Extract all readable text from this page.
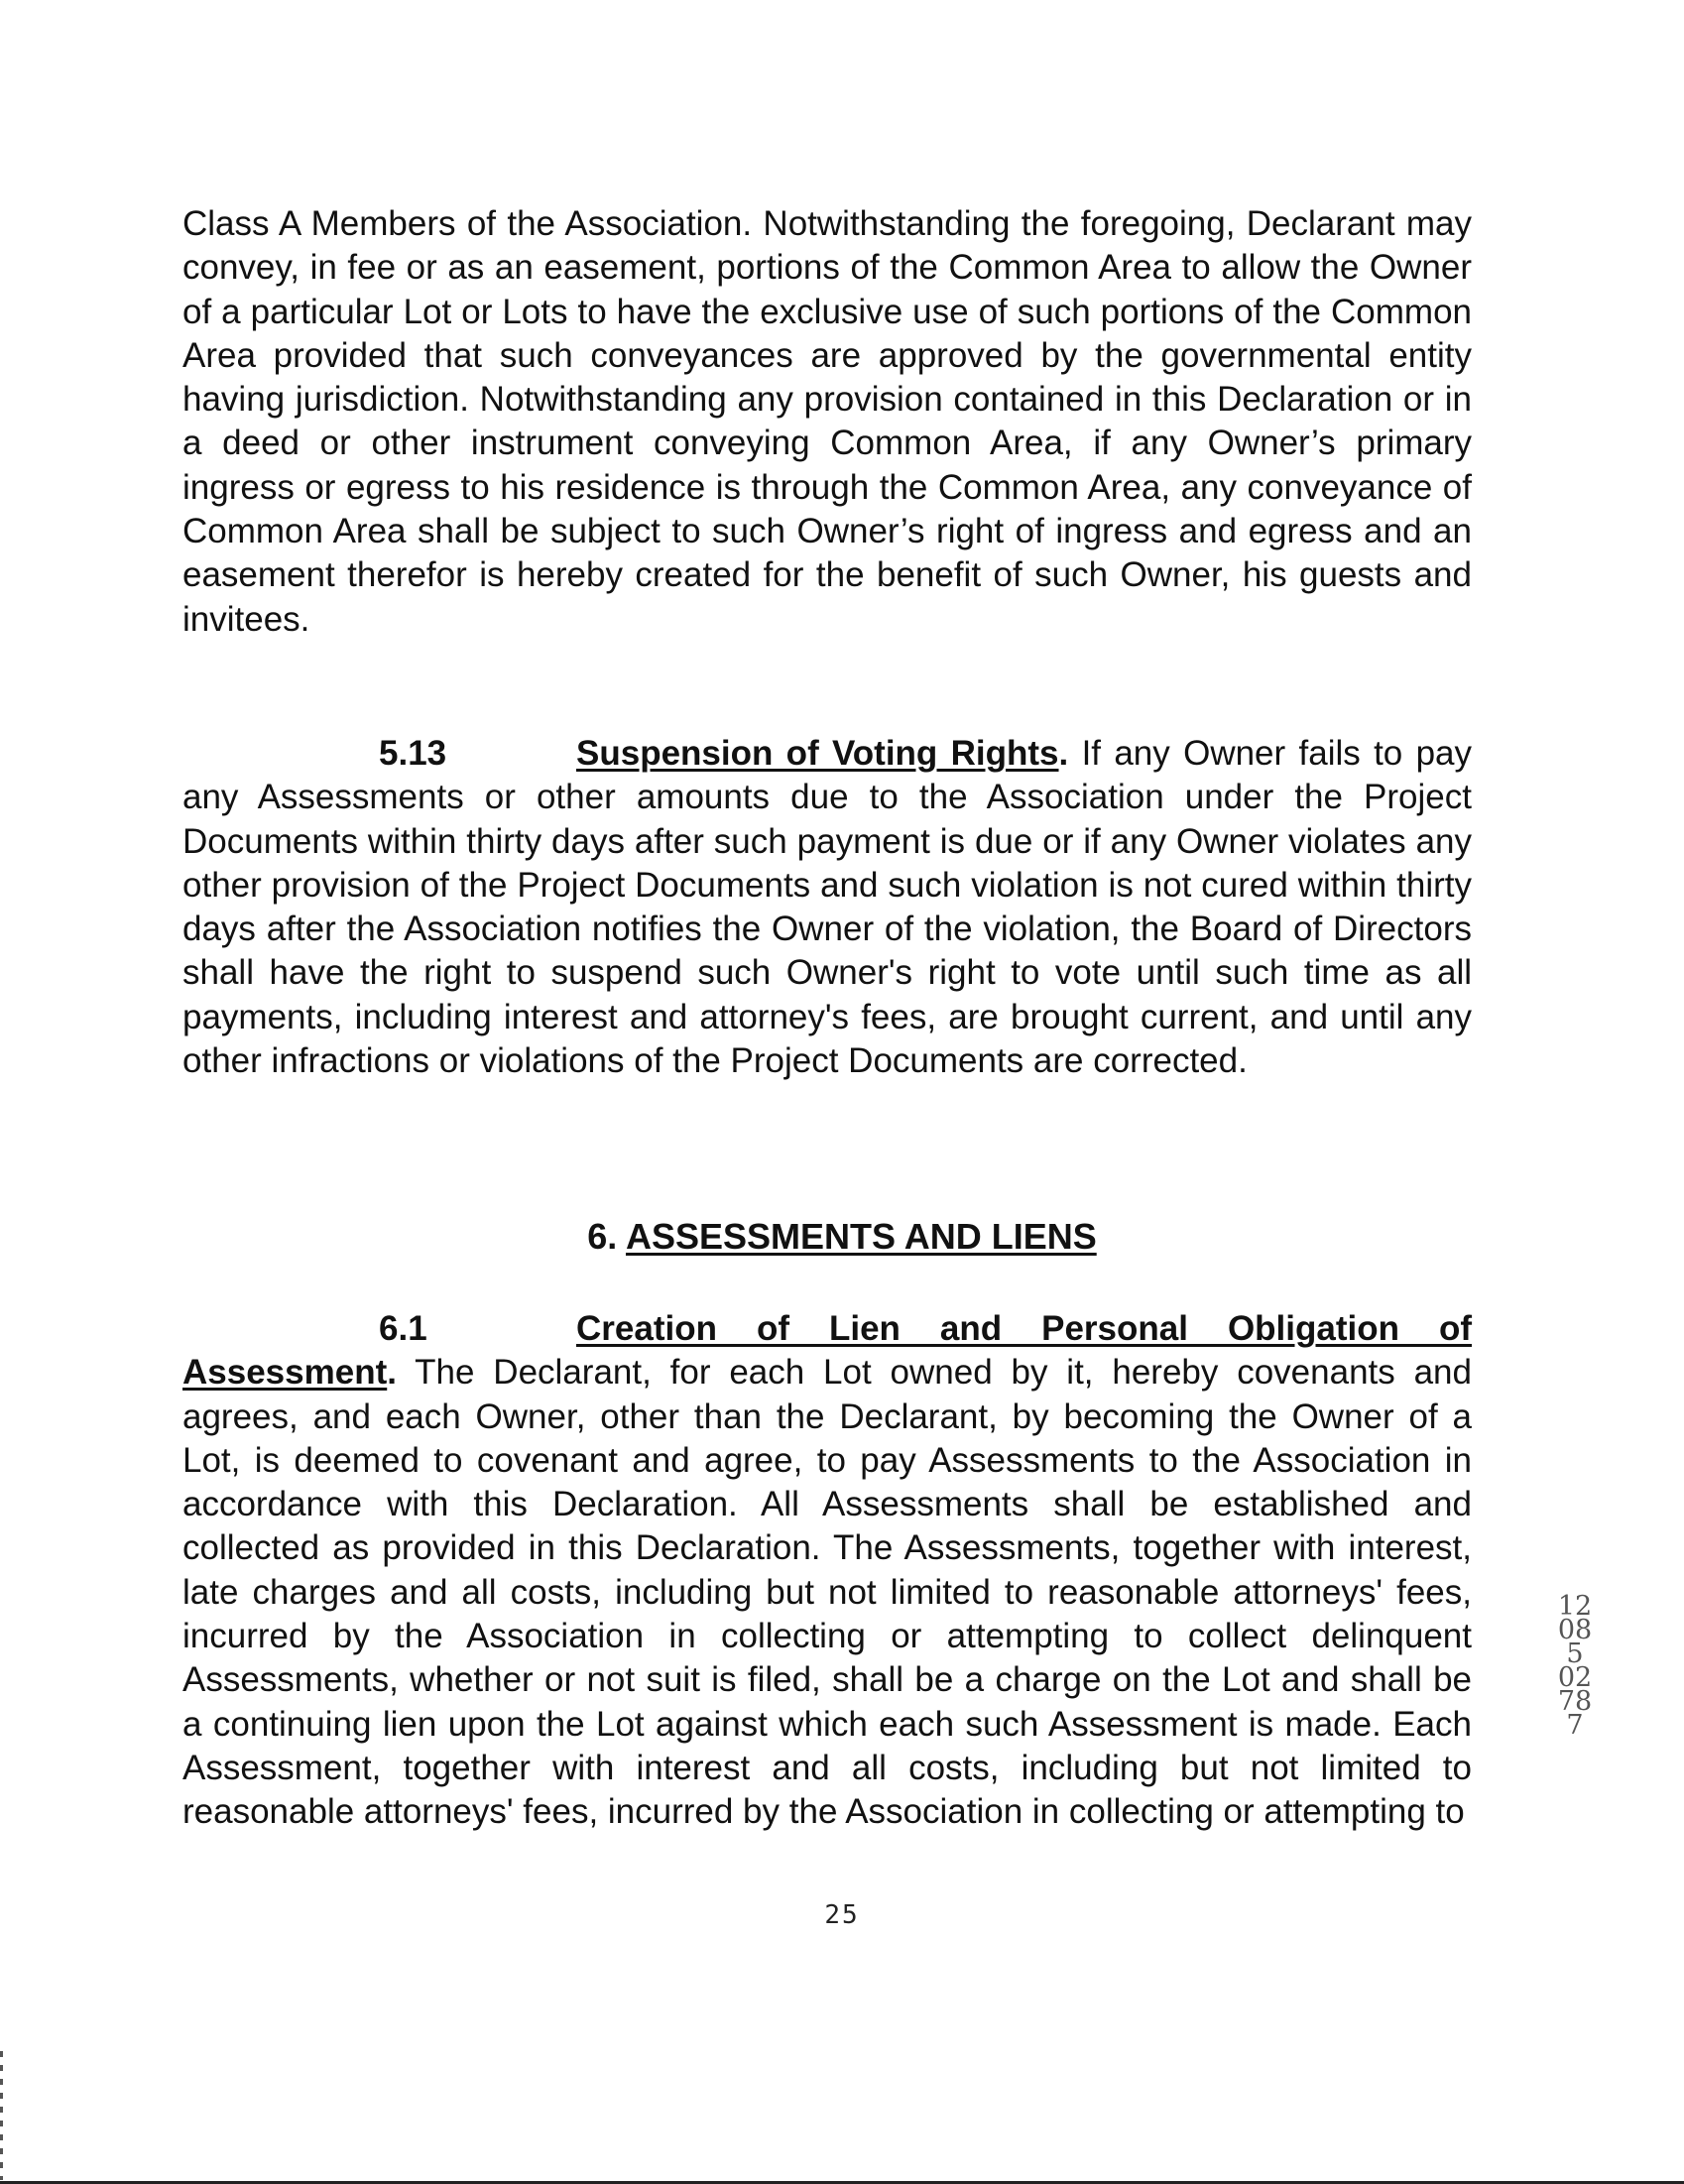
Class A Members of the Association. Notwithstanding the foregoing, Declarant may convey, in fee or as an easement, portions of the Common Area to allow the Owner of a particular Lot or Lots to have the exclusive use of such portions of the Common Area provided that such conveyances are approved by the governmental entity having jurisdiction. Notwithstanding any provision contained in this Declaration or in a deed or other instrument conveying Common Area, if any Owner’s primary ingress or egress to his residence is through the Common Area, any conveyance of Common Area shall be subject to such Owner’s right of ingress and egress and an easement therefor is hereby created for the benefit of such Owner, his guests and invitees.

5.13	Suspension of Voting Rights. If any Owner fails to pay any Assessments or other amounts due to the Association under the Project Documents within thirty days after such payment is due or if any Owner violates any other provision of the Project Documents and such violation is not cured within thirty days after the Association notifies the Owner of the violation, the Board of Directors shall have the right to suspend such Owner's right to vote until such time as all payments, including interest and attorney's fees, are brought current, and until any other infractions or violations of the Project Documents are corrected.

6. ASSESSMENTS AND LIENS

6.1	Creation of Lien and Personal Obligation of Assessment. The Declarant, for each Lot owned by it, hereby covenants and agrees, and each Owner, other than the Declarant, by becoming the Owner of a Lot, is deemed to covenant and agree, to pay Assessments to the Association in accordance with this Declaration. All Assessments shall be established and collected as provided in this Declaration. The Assessments, together with interest, late charges and all costs, including but not limited to reasonable attorneys' fees, incurred by the Association in collecting or attempting to collect delinquent Assessments, whether or not suit is filed, shall be a charge on the Lot and shall be a continuing lien upon the Lot against which each such Assessment is made. Each Assessment, together with interest and all costs, including but not limited to reasonable attorneys' fees, incurred by the Association in collecting or attempting to

25
12085 02787
